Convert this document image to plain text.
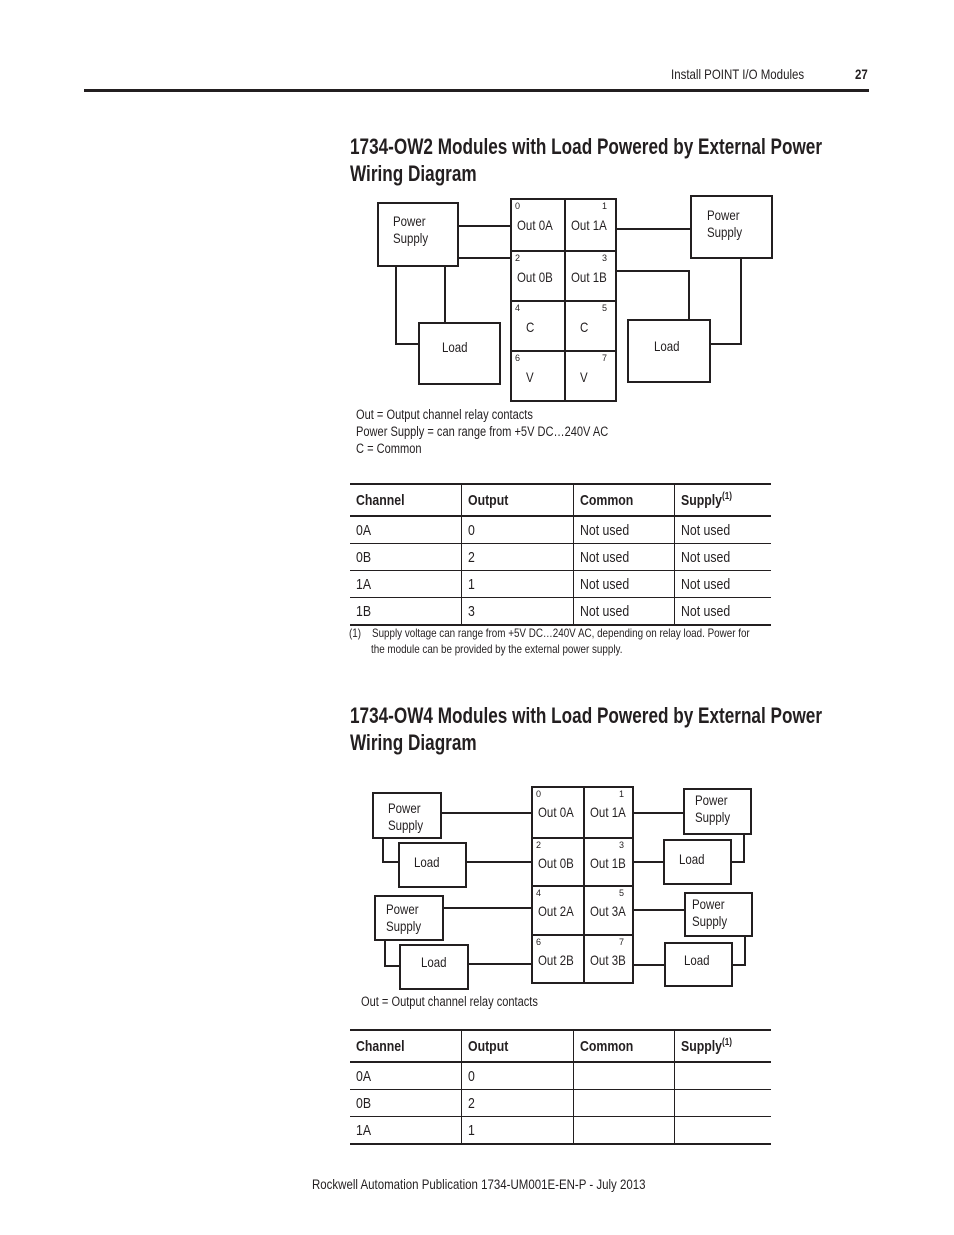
Install POINT I/O Modules	27
1734-OW2 Modules with Load Powered by External Power
Wiring Diagram
Power
Supply
Power
Supply
Load	Load
0
Out 0A
1
Out 1A
2
Out 0B
3
Out 1B
4
C
5
C
6
V
7
V
Out = Output channel relay contacts
Power Supply = can range from +5V DC…240V AC
C = Common
Channel	Output	Common	Supply$^{(1)}$
0A	0	Not used	Not used
0B	2	Not used	Not used
1A	1	Not used	Not used
1B	3	Not used	Not used
(1) Supply voltage can range from +5V DC…240V AC, depending on relay load. Power for

the module can be provided by the external power supply.
1734-OW4 Modules with Load Powered by External Power
Wiring Diagram
Power
Supply
Load
Power
Supply
Load
Power
Supply
Load
Power
Supply
Load
0
Out 0A
1
Out 1A
2
Out 0B
3
Out 1B
4
Out 2A
5
Out 3A
6
Out 2B
7
Out 3B
Out = Output channel relay contacts
Channel	Output	Common	Supply$^{(1)}$
0A	0		
0B	2		
1A	1		
Rockwell Automation Publication 1734-UM001E-EN-P - July 2013
